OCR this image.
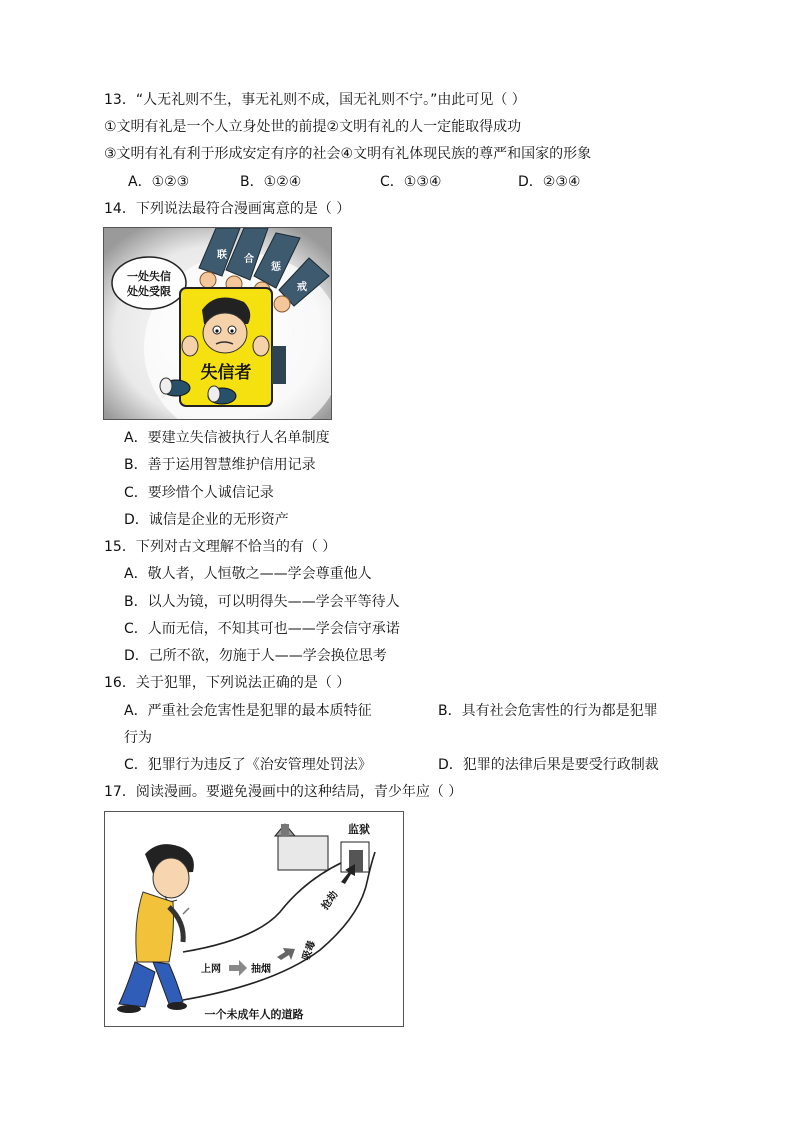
13．“人无礼则不生，事无礼则不成，国无礼则不宁。”由此可见（ ）
①文明有礼是一个人立身处世的前提②文明有礼的人一定能取得成功
③文明有礼有利于形成安定有序的社会④文明有礼体现民族的尊严和国家的形象
A．①②③	B．①②④	C．①③④	D．②③④
14．下列说法最符合漫画寓意的是（ ）
一处失信
处处受限
联 合
惩
戒
失信者
A．要建立失信被执行人名单制度
B．善于运用智慧维护信用记录
C．要珍惜个人诚信记录
D．诚信是企业的无形资产
15．下列对古文理解不恰当的有（ ）
A．敬人者，人恒敬之——学会尊重他人
B．以人为镜，可以明得失——学会平等待人
C．人而无信，不知其可也——学会信守承诺
D．己所不欲，勿施于人——学会换位思考
16．关于犯罪，下列说法正确的是（ ）
A．严重社会危害性是犯罪的最本质特征	B．具有社会危害性的行为都是犯罪
行为
C．犯罪行为违反了《治安管理处罚法》	D．犯罪的法律后果是要受行政制裁
17．阅读漫画。要避免漫画中的这种结局，青少年应（ ）
监狱
上网	抽烟
吸毒
抢劫
一个未成年人的道路
